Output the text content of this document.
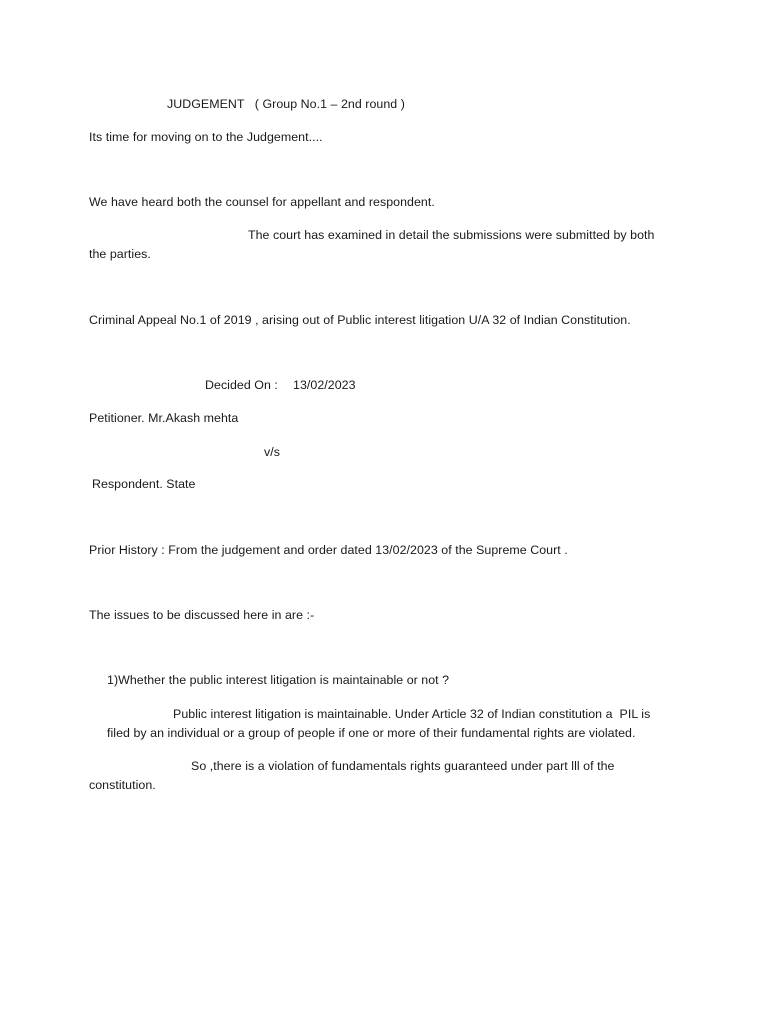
JUDGEMENT   ( Group No.1 – 2nd round )
Its time for moving on to the Judgement....
We have heard both the counsel for appellant and respondent.
The court has examined in detail the submissions were submitted by both
the parties.
Criminal Appeal No.1 of 2019 , arising out of Public interest litigation U/A 32 of Indian Constitution.
Decided On : 13/02/2023
Petitioner. Mr.Akash mehta
v/s
Respondent. State
Prior History : From the judgement and order dated 13/02/2023 of the Supreme Court .
The issues to be discussed here in are :-
1)Whether the public interest litigation is maintainable or not ?
Public interest litigation is maintainable. Under Article 32 of Indian constitution a  PIL is
filed by an individual or a group of people if one or more of their fundamental rights are violated.
So ,there is a violation of fundamentals rights guaranteed under part lll of the
constitution.
